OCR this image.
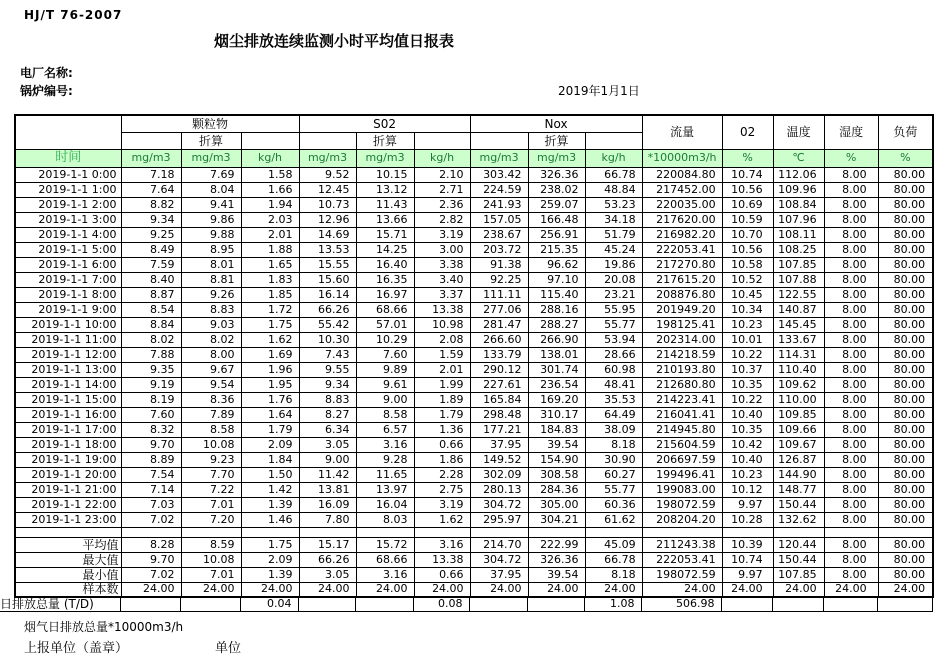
HJ/T 76-2007
烟尘排放连续监测小时平均值日报表
电厂名称:
锅炉编号:	2019年1月1日
	颗粒物			S02			Nox			流量	02	温度	湿度	负荷
		折算			折算			折算						
时间	mg/m3	mg/m3	kg/h	mg/m3	mg/m3	kg/h	mg/m3	mg/m3	kg/h	*10000m3/h	%	℃	%	%
2019-1-1 0:00	7.18	7.69	1.58	9.52	10.15	2.10	303.42	326.36	66.78	220084.80	10.74	112.06	8.00	80.00
2019-1-1 1:00	7.64	8.04	1.66	12.45	13.12	2.71	224.59	238.02	48.84	217452.00	10.56	109.96	8.00	80.00
2019-1-1 2:00	8.82	9.41	1.94	10.73	11.43	2.36	241.93	259.07	53.23	220035.00	10.69	108.84	8.00	80.00
2019-1-1 3:00	9.34	9.86	2.03	12.96	13.66	2.82	157.05	166.48	34.18	217620.00	10.59	107.96	8.00	80.00
2019-1-1 4:00	9.25	9.88	2.01	14.69	15.71	3.19	238.67	256.91	51.79	216982.20	10.70	108.11	8.00	80.00
2019-1-1 5:00	8.49	8.95	1.88	13.53	14.25	3.00	203.72	215.35	45.24	222053.41	10.56	108.25	8.00	80.00
2019-1-1 6:00	7.59	8.01	1.65	15.55	16.40	3.38	91.38	96.62	19.86	217270.80	10.58	107.85	8.00	80.00
2019-1-1 7:00	8.40	8.81	1.83	15.60	16.35	3.40	92.25	97.10	20.08	217615.20	10.52	107.88	8.00	80.00
2019-1-1 8:00	8.87	9.26	1.85	16.14	16.97	3.37	111.11	115.40	23.21	208876.80	10.45	122.55	8.00	80.00
2019-1-1 9:00	8.54	8.83	1.72	66.26	68.66	13.38	277.06	288.16	55.95	201949.20	10.34	140.87	8.00	80.00
2019-1-1 10:00	8.84	9.03	1.75	55.42	57.01	10.98	281.47	288.27	55.77	198125.41	10.23	145.45	8.00	80.00
2019-1-1 11:00	8.02	8.02	1.62	10.30	10.29	2.08	266.60	266.90	53.94	202314.00	10.01	133.67	8.00	80.00
2019-1-1 12:00	7.88	8.00	1.69	7.43	7.60	1.59	133.79	138.01	28.66	214218.59	10.22	114.31	8.00	80.00
2019-1-1 13:00	9.35	9.67	1.96	9.55	9.89	2.01	290.12	301.74	60.98	210193.80	10.37	110.40	8.00	80.00
2019-1-1 14:00	9.19	9.54	1.95	9.34	9.61	1.99	227.61	236.54	48.41	212680.80	10.35	109.62	8.00	80.00
2019-1-1 15:00	8.19	8.36	1.76	8.83	9.00	1.89	165.84	169.20	35.53	214223.41	10.22	110.00	8.00	80.00
2019-1-1 16:00	7.60	7.89	1.64	8.27	8.58	1.79	298.48	310.17	64.49	216041.41	10.40	109.85	8.00	80.00
2019-1-1 17:00	8.32	8.58	1.79	6.34	6.57	1.36	177.21	184.83	38.09	214945.80	10.35	109.66	8.00	80.00
2019-1-1 18:00	9.70	10.08	2.09	3.05	3.16	0.66	37.95	39.54	8.18	215604.59	10.42	109.67	8.00	80.00
2019-1-1 19:00	8.89	9.23	1.84	9.00	9.28	1.86	149.52	154.90	30.90	206697.59	10.40	126.87	8.00	80.00
2019-1-1 20:00	7.54	7.70	1.50	11.42	11.65	2.28	302.09	308.58	60.27	199496.41	10.23	144.90	8.00	80.00
2019-1-1 21:00	7.14	7.22	1.42	13.81	13.97	2.75	280.13	284.36	55.77	199083.00	10.12	148.77	8.00	80.00
2019-1-1 22:00	7.03	7.01	1.39	16.09	16.04	3.19	304.72	305.00	60.36	198072.59	9.97	150.44	8.00	80.00
2019-1-1 23:00	7.02	7.20	1.46	7.80	8.03	1.62	295.97	304.21	61.62	208204.20	10.28	132.62	8.00	80.00

平均值	8.28	8.59	1.75	15.17	15.72	3.16	214.70	222.99	45.09	211243.38	10.39	120.44	8.00	80.00
最大值	9.70	10.08	2.09	66.26	68.66	13.38	304.72	326.36	66.78	222053.41	10.74	150.44	8.00	80.00
最小值	7.02	7.01	1.39	3.05	3.16	0.66	37.95	39.54	8.18	198072.59	9.97	107.85	8.00	80.00
样本数	24.00	24.00	24.00	24.00	24.00	24.00	24.00	24.00	24.00	24.00	24.00	24.00	24.00	24.00
日排放总量 (T/D)			0.04			0.08			1.08	506.98				
烟气日排放总量*10000m3/h
上报单位（盖章）	单位
